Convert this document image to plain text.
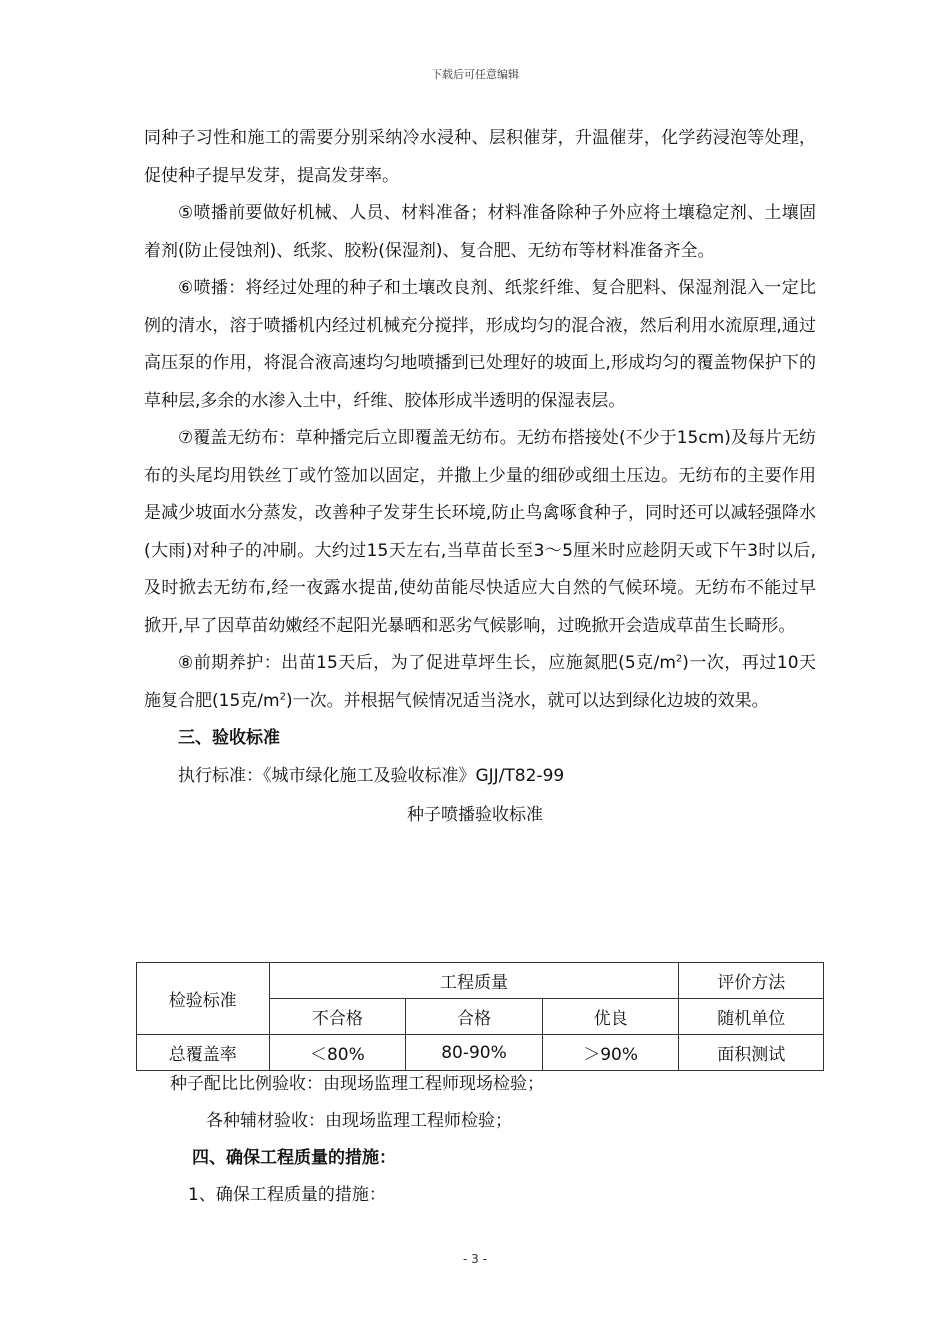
下载后可任意编辑

同种子习性和施工的需要分别采纳冷水浸种、层积催芽，升温催芽，化学药浸泡等处理，促使种子提早发芽，提高发芽率。

⑤喷播前要做好机械、人员、材料准备；材料准备除种子外应将土壤稳定剂、土壤固着剂(防止侵蚀剂)、纸浆、胶粉(保湿剂)、复合肥、无纺布等材料准备齐全。

⑥喷播：将经过处理的种子和土壤改良剂、纸浆纤维、复合肥料、保湿剂混入一定比例的清水，溶于喷播机内经过机械充分搅拌，形成均匀的混合液，然后利用水流原理,通过高压泵的作用，将混合液高速均匀地喷播到已处理好的坡面上,形成均匀的覆盖物保护下的草种层,多余的水渗入土中，纤维、胶体形成半透明的保湿表层。

⑦覆盖无纺布：草种播完后立即覆盖无纺布。无纺布搭接处(不少于15cm)及每片无纺布的头尾均用铁丝丁或竹签加以固定，并撒上少量的细砂或细土压边。无纺布的主要作用是减少坡面水分蒸发，改善种子发芽生长环境,防止鸟禽啄食种子，同时还可以减轻强降水(大雨)对种子的冲刷。大约过15天左右,当草苗长至3～5厘米时应趁阴天或下午3时以后,及时掀去无纺布,经一夜露水提苗,使幼苗能尽快适应大自然的气候环境。无纺布不能过早掀开,早了因草苗幼嫩经不起阳光暴晒和恶劣气候影响，过晚掀开会造成草苗生长畸形。

⑧前期养护：出苗15天后，为了促进草坪生长，应施氮肥(5克$/m^2$)一次，再过10天施复合肥(15克$/m^2$)一次。并根据气候情况适当浇水，就可以达到绿化边坡的效果。

三、验收标准

执行标准：《城市绿化施工及验收标准》GJJ/T82-99

种子喷播验收标准
检验标准	工程质量			评价方法
	不合格	合格	优良	随机单位
总覆盖率	＜80%	80-90%	＞90%	面积测试
种子配比比例验收：由现场监理工程师现场检验；
各种辅材验收：由现场监理工程师检验；
四、确保工程质量的措施：
1、确保工程质量的措施：
- 3 -
